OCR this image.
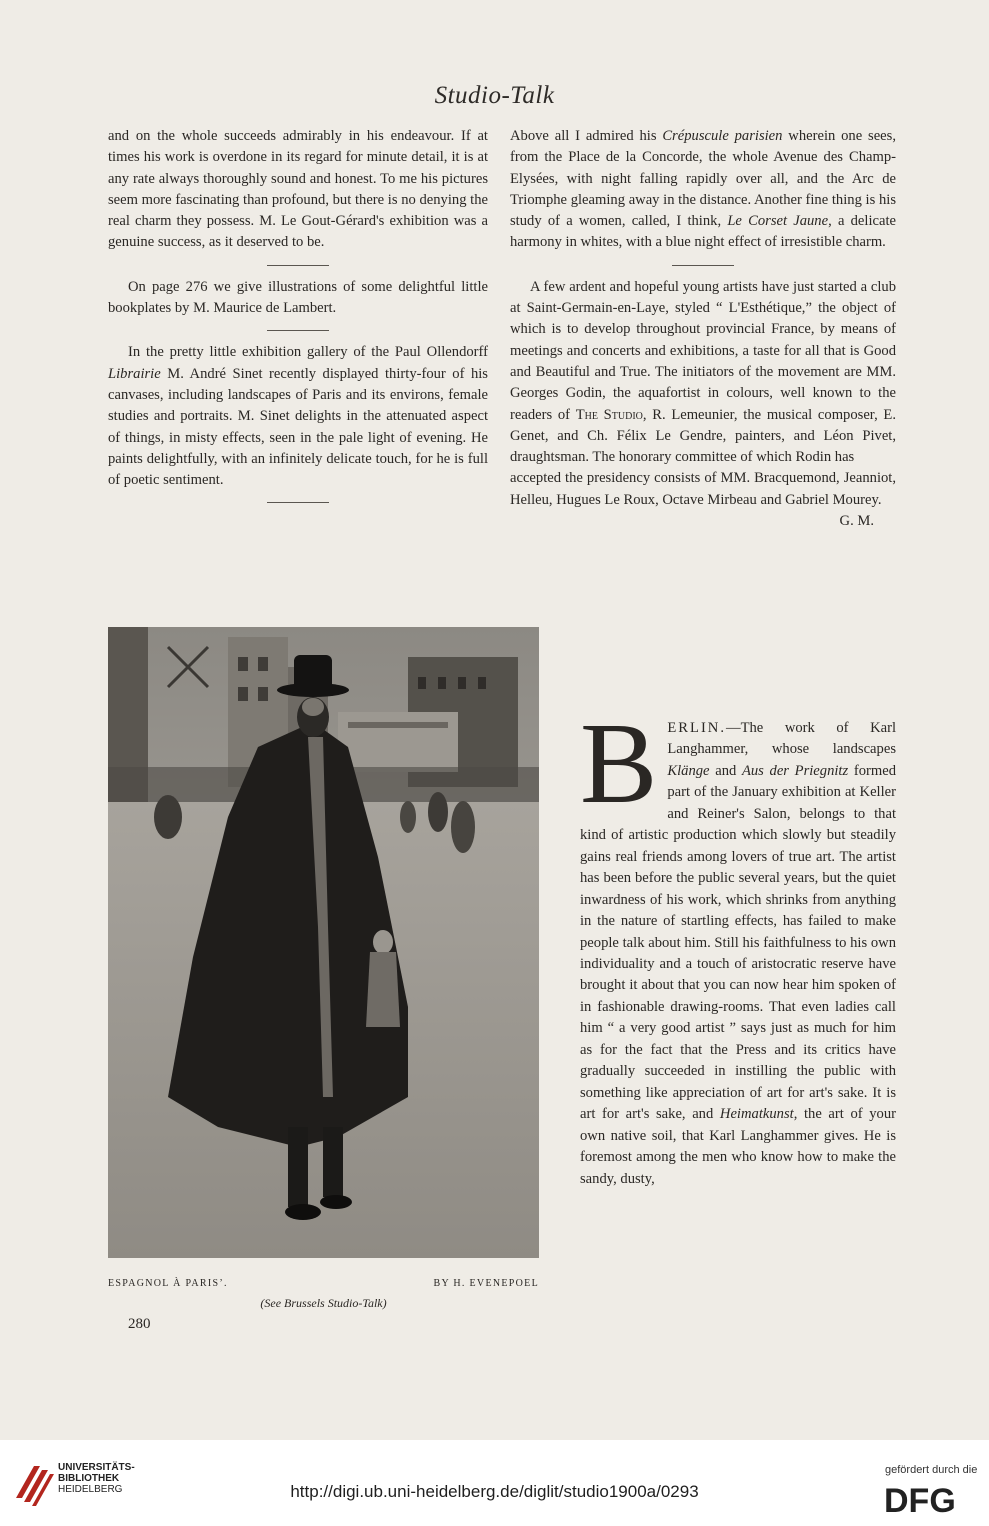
Studio-Talk

and on the whole succeeds admirably in his endeavour. If at times his work is overdone in its regard for minute detail, it is at any rate always thoroughly sound and honest. To me his pictures seem more fascinating than profound, but there is no denying the real charm they possess. M. Le Gout-Gérard's exhibition was a genuine success, as it deserved to be.

On page 276 we give illustrations of some delightful little bookplates by M. Maurice de Lambert.

In the pretty little exhibition gallery of the Paul Ollendorff Librairie M. André Sinet recently displayed thirty-four of his canvases, including landscapes of Paris and its environs, female studies and portraits. M. Sinet delights in the attenuated aspect of things, in misty effects, seen in the pale light of evening. He paints delightfully, with an infinitely delicate touch, for he is full of poetic sentiment.

Above all I admired his Crépuscule parisien wherein one sees, from the Place de la Concorde, the whole Avenue des Champ-Elysées, with night falling rapidly over all, and the Arc de Triomphe gleaming away in the distance. Another fine thing is his study of a women, called, I think, Le Corset Jaune, a delicate harmony in whites, with a blue night effect of irresistible charm.

A few ardent and hopeful young artists have just started a club at Saint-Germain-en-Laye, styled “ L'Esthétique,” the object of which is to develop throughout provincial France, by means of meetings and concerts and exhibitions, a taste for all that is Good and Beautiful and True. The initiators of the movement are MM. Georges Godin, the aquafortist in colours, well known to the readers of The Studio, R. Lemeunier, the musical composer, E. Genet, and Ch. Félix Le Gendre, painters, and Léon Pivet, draughtsman. The honorary committee of which Rodin has

accepted the presidency consists of MM. Bracquemond, Jeanniot, Helleu, Hugues Le Roux, Octave Mirbeau and Gabriel Mourey.
G. M.

B ERLIN.—The work of Karl Langhammer, whose landscapes Klänge and Aus der Priegnitz formed part of the January exhibition at Keller and Reiner's Salon, belongs to that kind of artistic production which slowly but steadily gains real friends among lovers of true art. The artist has been before the public several years, but the quiet inwardness of his work, which shrinks from anything in the nature of startling effects, has failed to make people talk about him. Still his faithfulness to his own individuality and a touch of aristocratic reserve have brought it about that you can now hear him spoken of in fashionable drawing-rooms. That even ladies call him “ a very good artist ” says just as much for him as for the fact that the Press and its critics have gradually succeeded in instilling the public with something like appreciation of art for art's sake. It is art for art's sake, and Heimatkunst, the art of your own native soil, that Karl Langhammer gives. He is foremost among the men who know how to make the sandy, dusty,
ESPAGNOL À PARIS’.	BY H. EVENEPOEL
(See Brussels Studio-Talk)
280
UNIVERSITÄTS-
BIBLIOTHEK
HEIDELBERG	http://digi.ub.uni-heidelberg.de/diglit/studio1900a/0293
gefördert durch die
DFG
